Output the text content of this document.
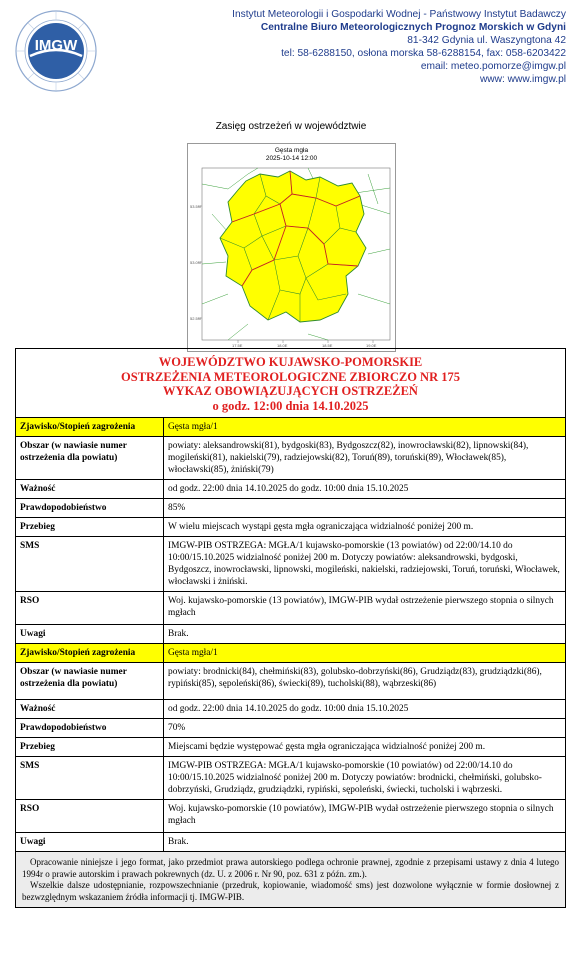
IMGW
Instytut Meteorologii i Gospodarki Wodnej - Państwowy Instytut Badawczy
Centralne Biuro Meteorologicznych Prognoz Morskich w Gdyni
81-342 Gdynia ul. Waszyngtona 42
tel: 58-6288150, osłona morska 58-6288154, fax: 058-6203422
email: meteo.pomorze@imgw.pl
www: www.imgw.pl
Zasięg ostrzeżeń w województwie
Gęsta mgła
2025-10-14 12:00
53.5N
53.0N
52.5N
17.5E	18.0E	18.5E	19.0E
WOJEWÓDZTWO KUJAWSKO-POMORSKIE
OSTRZEŻENIA METEOROLOGICZNE ZBIORCZO NR 175
WYKAZ OBOWIĄZUJĄCYCH OSTRZEŻEŃ
o godz. 12:00 dnia 14.10.2025
Zjawisko/Stopień zagrożenia	Gęsta mgła/1
Obszar (w nawiasie numer ostrzeżenia dla powiatu)	powiaty: aleksandrowski(81), bydgoski(83), Bydgoszcz(82), inowrocławski(82), lipnowski(84), mogileński(81), nakielski(79), radziejowski(82), Toruń(89), toruński(89), Włocławek(85), włocławski(85), żniński(79)
Ważność	od godz. 22:00 dnia 14.10.2025 do godz. 10:00 dnia 15.10.2025
Prawdopodobieństwo	85%
Przebieg	W wielu miejscach wystąpi gęsta mgła ograniczająca widzialność poniżej 200 m.
SMS	IMGW-PIB OSTRZEGA: MGŁA/1 kujawsko-pomorskie (13 powiatów) od 22:00/14.10 do 10:00/15.10.2025 widzialność poniżej 200 m. Dotyczy powiatów: aleksandrowski, bydgoski, Bydgoszcz, inowrocławski, lipnowski, mogileński, nakielski, radziejowski, Toruń, toruński, Włocławek, włocławski i żniński.
RSO	Woj. kujawsko-pomorskie (13 powiatów), IMGW-PIB wydał ostrzeżenie pierwszego stopnia o silnych mgłach
Uwagi	Brak.
Zjawisko/Stopień zagrożenia	Gęsta mgła/1
Obszar (w nawiasie numer ostrzeżenia dla powiatu)	powiaty: brodnicki(84), chełmiński(83), golubsko-dobrzyński(86), Grudziądz(83), grudziądzki(86), rypiński(85), sępoleński(86), świecki(89), tucholski(88), wąbrzeski(86)
Ważność	od godz. 22:00 dnia 14.10.2025 do godz. 10:00 dnia 15.10.2025
Prawdopodobieństwo	70%
Przebieg	Miejscami będzie występować gęsta mgła ograniczająca widzialność poniżej 200 m.
SMS	IMGW-PIB OSTRZEGA: MGŁA/1 kujawsko-pomorskie (10 powiatów) od 22:00/14.10 do 10:00/15.10.2025 widzialność poniżej 200 m. Dotyczy powiatów: brodnicki, chełmiński, golubsko-dobrzyński, Grudziądz, grudziądzki, rypiński, sępoleński, świecki, tucholski i wąbrzeski.
RSO	Woj. kujawsko-pomorskie (10 powiatów), IMGW-PIB wydał ostrzeżenie pierwszego stopnia o silnych mgłach
Uwagi	Brak.
Opracowanie niniejsze i jego format, jako przedmiot prawa autorskiego podlega ochronie prawnej, zgodnie z przepisami ustawy z dnia 4 lutego 1994r o prawie autorskim i prawach pokrewnych (dz. U. z 2006 r. Nr 90, poz. 631 z późn. zm.).
Wszelkie dalsze udostępnianie, rozpowszechnianie (przedruk, kopiowanie, wiadomość sms) jest dozwolone wyłącznie w formie dosłownej z bezwzględnym wskazaniem źródła informacji tj. IMGW-PIB.
